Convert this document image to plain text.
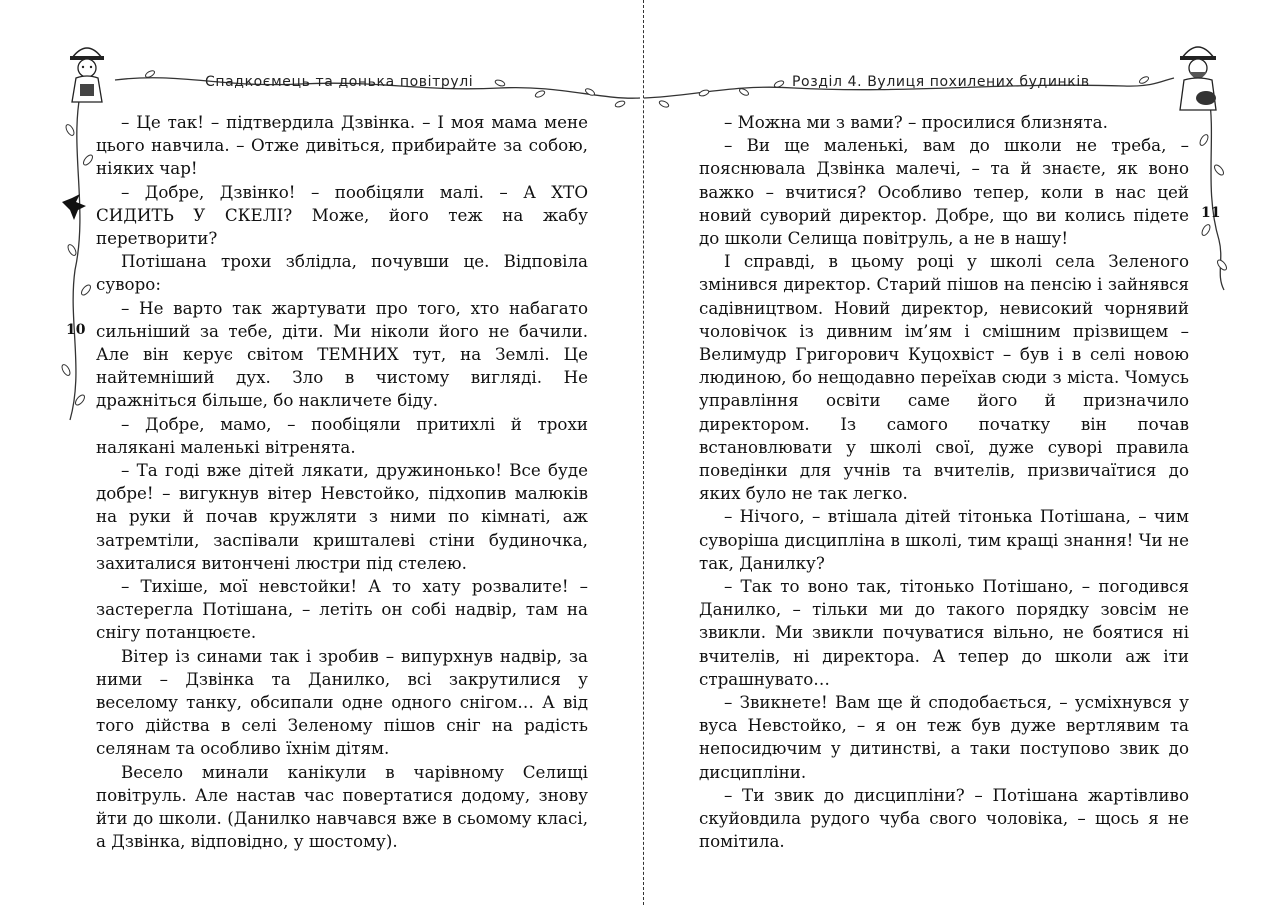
Спадкоємець та донька повітрулі
10

– Це так! – підтвердила Дзвінка. – І моя мама мене цього навчила. – Отже дивіться, прибирайте за собою, ніяких чар!

– Добре, Дзвінко! – пообіцяли малі. – А ХТО СИДИТЬ У СКЕЛІ? Може, його теж на жабу перетворити?

Потішана трохи зблідла, почувши це. Відповіла суворо:

– Не варто так жартувати про того, хто набагато сильніший за тебе, діти. Ми ніколи його не бачили. Але він керує світом ТЕМНИХ тут, на Землі. Це найтемніший дух. Зло в чистому вигляді. Не дражніться більше, бо накличете біду.

– Добре, мамо, – пообіцяли притихлі й трохи налякані маленькі вітренята.

– Та годі вже дітей лякати, дружинонько! Все буде добре! – вигукнув вітер Невстойко, підхопив малюків на руки й почав кружляти з ними по кімнаті, аж затремтіли, заспівали кришталеві стіни будиночка, захиталися витончені люстри під стелею.

– Тихіше, мої невстойки! А то хату розвалите! – застерегла Потішана, – летіть он собі надвір, там на снігу потанцюєте.

Вітер із синами так і зробив – випурхнув надвір, за ними – Дзвінка та Данилко, всі закрутилися у веселому танку, обсипали одне одного снігом… А від того дійства в селі Зеленому пішов сніг на радість селянам та особливо їхнім дітям.

Весело минали канікули в чарівному Селищі повітруль. Але настав час повертатися додому, знову йти до школи. (Данилко навчався вже в сьомому класі, а Дзвінка, відповідно, у шостому).

Розділ 4. Вулиця похилених будинків
11

– Можна ми з вами? – просилися близнята.

– Ви ще маленькі, вам до школи не треба, – пояснювала Дзвінка малечі, – та й знаєте, як воно важко – вчитися? Особливо тепер, коли в нас цей новий суворий директор. Добре, що ви колись підете до школи Селища повітруль, а не в нашу!

І справді, в цьому році у школі села Зеленого змінився директор. Старий пішов на пенсію і зайнявся садівництвом. Новий директор, невисокий чорнявий чоловічок із дивним ім’ям і смішним прізвищем – Велимудр Григорович Куцохвіст – був і в селі новою людиною, бо нещодавно переїхав сюди з міста. Чомусь управління освіти саме його й призначило директором. Із самого початку він почав встановлювати у школі свої, дуже суворі правила поведінки для учнів та вчителів, призвичаїтися до яких було не так легко.

– Нічого, – втішала дітей тітонька Потішана, – чим суворіша дисципліна в школі, тим кращі знання! Чи не так, Данилку?

– Так то воно так, тітонько Потішано, – погодився Данилко, – тільки ми до такого порядку зовсім не звикли. Ми звикли почуватися вільно, не боятися ні вчителів, ні директора. А тепер до школи аж іти страшнувато…

– Звикнете! Вам ще й сподобається, – усміхнувся у вуса Невстойко, – я он теж був дуже вертлявим та непосидючим у дитинстві, а таки поступово звик до дисципліни.

– Ти звик до дисципліни? – Потішана жартівливо скуйовдила рудого чуба свого чоловіка, – щось я не помітила.
